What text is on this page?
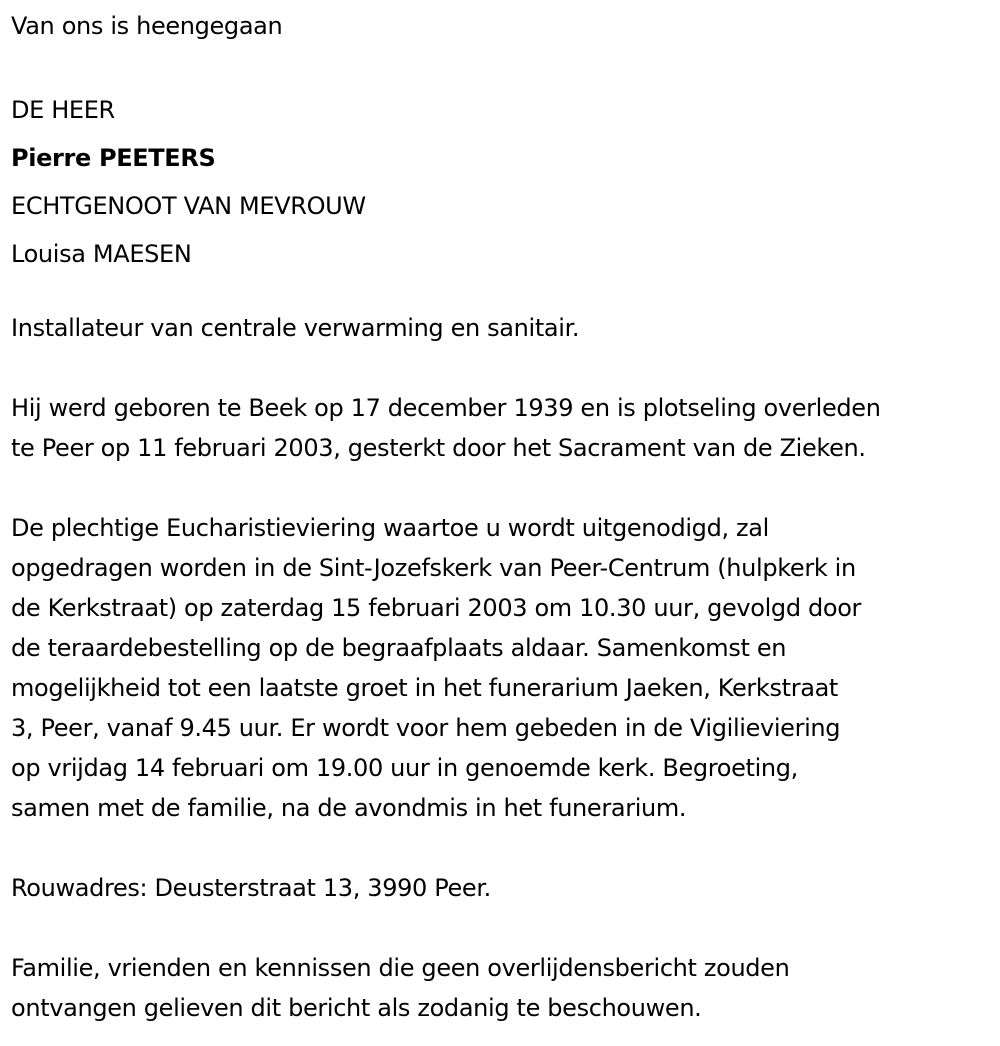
Van ons is heengegaan

DE HEER

Pierre PEETERS

ECHTGENOOT VAN MEVROUW

Louisa MAESEN

Installateur van centrale verwarming en sanitair.

Hij werd geboren te Beek op 17 december 1939 en is plotseling overleden

te Peer op 11 februari 2003, gesterkt door het Sacrament van de Zieken.

De plechtige Eucharistieviering waartoe u wordt uitgenodigd, zal

opgedragen worden in de Sint-Jozefskerk van Peer-Centrum (hulpkerk in

de Kerkstraat) op zaterdag 15 februari 2003 om 10.30 uur, gevolgd door

de teraardebestelling op de begraafplaats aldaar. Samenkomst en

mogelijkheid tot een laatste groet in het funerarium Jaeken, Kerkstraat

3, Peer, vanaf 9.45 uur. Er wordt voor hem gebeden in de Vigilieviering

op vrijdag 14 februari om 19.00 uur in genoemde kerk. Begroeting,

samen met de familie, na de avondmis in het funerarium.

Rouwadres: Deusterstraat 13, 3990 Peer.

Familie, vrienden en kennissen die geen overlijdensbericht zouden

ontvangen gelieven dit bericht als zodanig te beschouwen.
